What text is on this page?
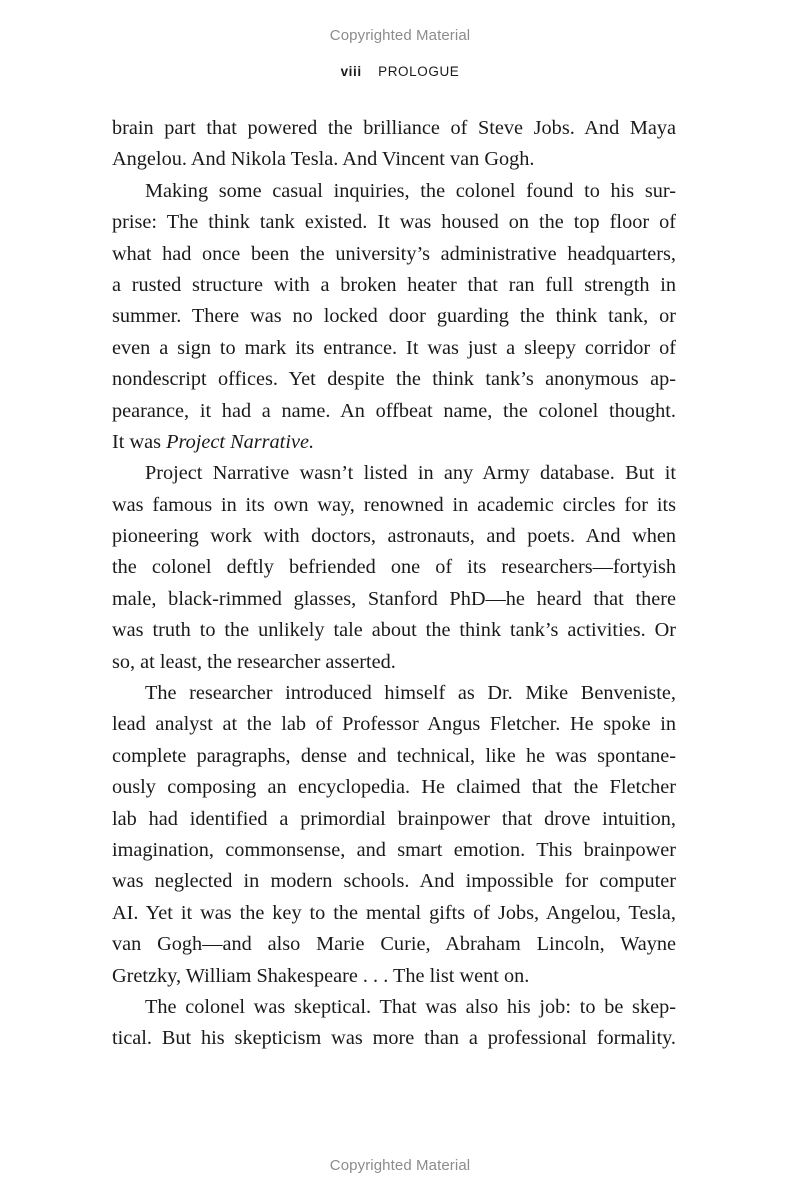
Copyrighted Material
viii PROLOGUE
brain part that powered the brilliance of Steve Jobs. And Maya
Angelou. And Nikola Tesla. And Vincent van Gogh.
Making some casual inquiries, the colonel found to his sur-
prise: The think tank existed. It was housed on the top floor of
what had once been the university’s administrative headquarters,
a rusted structure with a broken heater that ran full strength in
summer. There was no locked door guarding the think tank, or
even a sign to mark its entrance. It was just a sleepy corridor of
nondescript offices. Yet despite the think tank’s anonymous ap-
pearance, it had a name. An offbeat name, the colonel thought.
It was Project Narrative.
Project Narrative wasn’t listed in any Army database. But it
was famous in its own way, renowned in academic circles for its
pioneering work with doctors, astronauts, and poets. And when
the colonel deftly befriended one of its researchers—fortyish
male, black-rimmed glasses, Stanford PhD—he heard that there
was truth to the unlikely tale about the think tank’s activities. Or
so, at least, the researcher asserted.
The researcher introduced himself as Dr. Mike Benveniste,
lead analyst at the lab of Professor Angus Fletcher. He spoke in
complete paragraphs, dense and technical, like he was spontane-
ously composing an encyclopedia. He claimed that the Fletcher
lab had identified a primordial brainpower that drove intuition,
imagination, commonsense, and smart emotion. This brainpower
was neglected in modern schools. And impossible for computer
AI. Yet it was the key to the mental gifts of Jobs, Angelou, Tesla,
van Gogh—and also Marie Curie, Abraham Lincoln, Wayne
Gretzky, William Shakespeare . . . The list went on.
The colonel was skeptical. That was also his job: to be skep-
tical. But his skepticism was more than a professional formality.
Copyrighted Material
